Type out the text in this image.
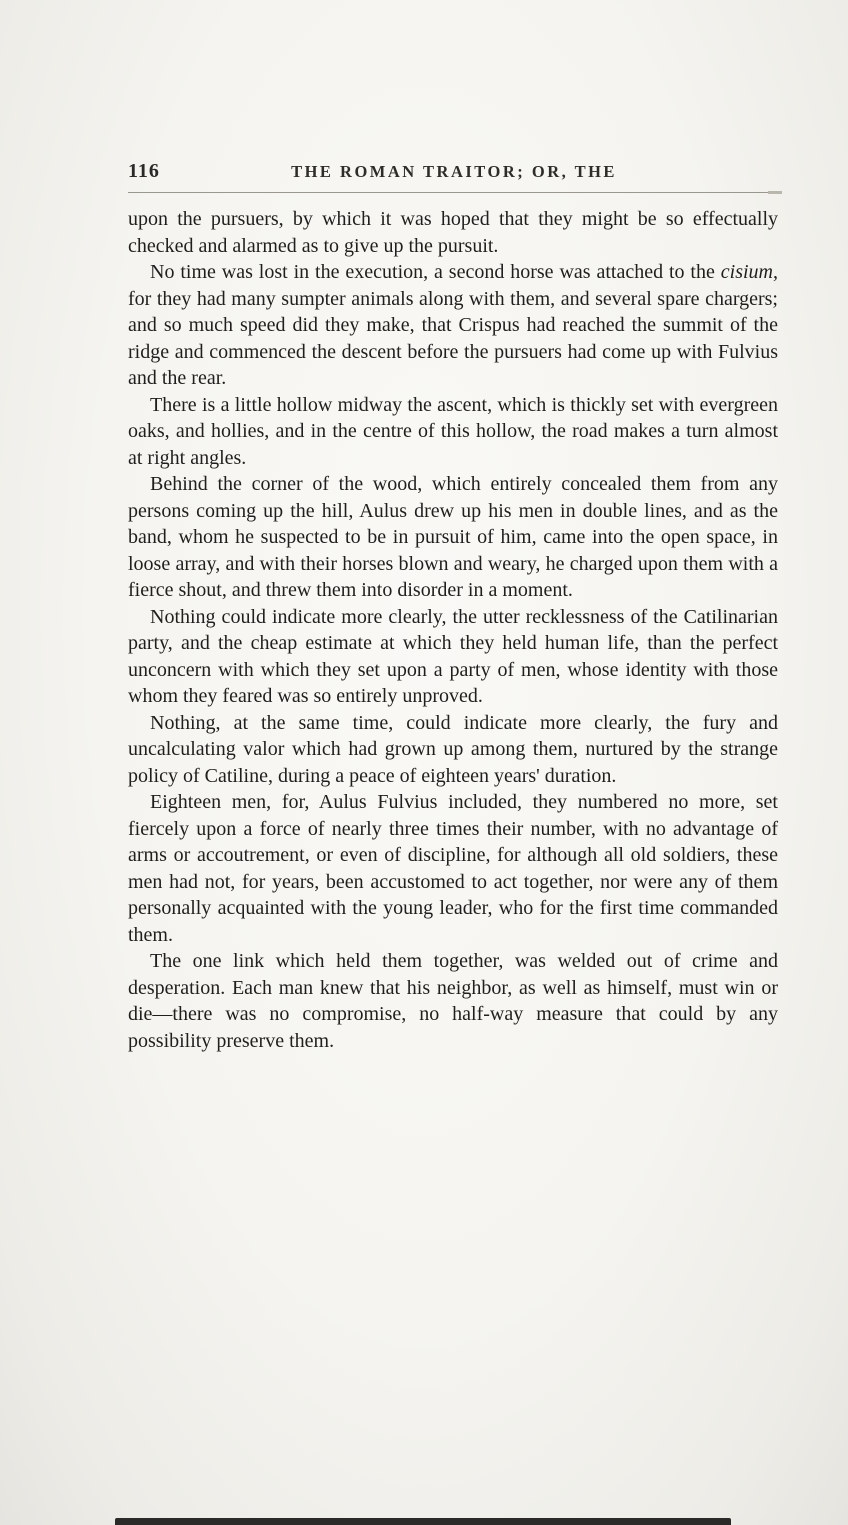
116	THE ROMAN TRAITOR; OR, THE

upon the pursuers, by which it was hoped that they might be so effectually checked and alarmed as to give up the pursuit.

No time was lost in the execution, a second horse was attached to the cisium, for they had many sumpter animals along with them, and several spare chargers; and so much speed did they make, that Crispus had reached the summit of the ridge and commenced the descent before the pursuers had come up with Fulvius and the rear.

There is a little hollow midway the ascent, which is thickly set with evergreen oaks, and hollies, and in the centre of this hollow, the road makes a turn almost at right angles.

Behind the corner of the wood, which entirely concealed them from any persons coming up the hill, Aulus drew up his men in double lines, and as the band, whom he suspected to be in pursuit of him, came into the open space, in loose array, and with their horses blown and weary, he charged upon them with a fierce shout, and threw them into disorder in a moment.

Nothing could indicate more clearly, the utter recklessness of the Catilinarian party, and the cheap estimate at which they held human life, than the perfect unconcern with which they set upon a party of men, whose identity with those whom they feared was so entirely unproved.

Nothing, at the same time, could indicate more clearly, the fury and uncalculating valor which had grown up among them, nurtured by the strange policy of Catiline, during a peace of eighteen years' duration.

Eighteen men, for, Aulus Fulvius included, they numbered no more, set fiercely upon a force of nearly three times their number, with no advantage of arms or accoutrement, or even of discipline, for although all old soldiers, these men had not, for years, been accustomed to act together, nor were any of them personally acquainted with the young leader, who for the first time commanded them.

The one link which held them together, was welded out of crime and desperation. Each man knew that his neighbor, as well as himself, must win or die—there was no compromise, no half-way measure that could by any possibility preserve them.
